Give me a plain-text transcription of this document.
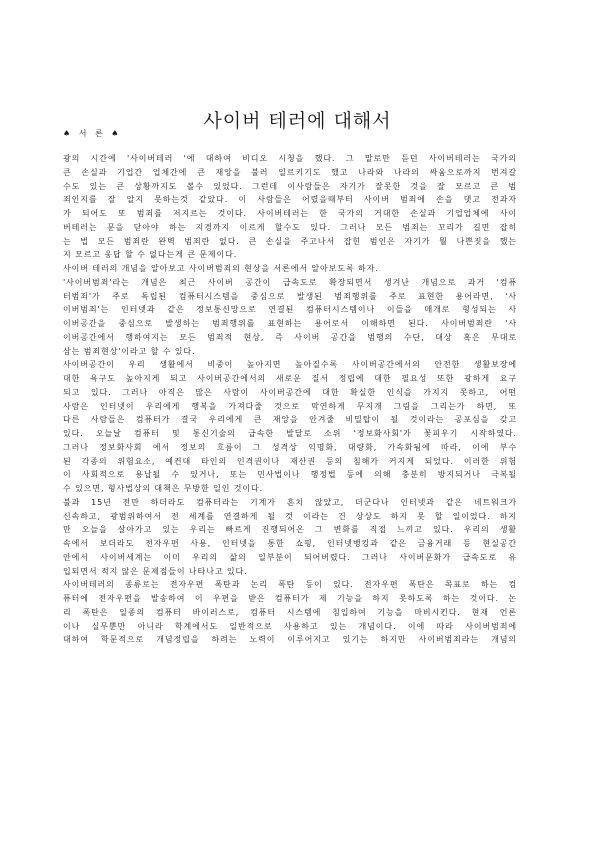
사이버 테러에 대해서
♠ 서 론 ♠
광의 시간에 '사이버테러 '에 대하여 비디오 시청을 했다. 그 말로만 듣던 사이버테러는 국가의
큰 손실과 기업간 업체간에 큰 재앙을 불러 일르키기도 했고 나라와 나라의 싸움으로까지 번져갈
수도 있는 큰 상황까지도 볼수 있었다. 그런데 이사람들은 자기가 잘못한 것을 잘 모르고 큰 범
죄인지를 잘 알지 못하는것 같았다. 이 사람들은 어렸을때부터 사이버 범죄에 손을 댓고 전과자
가 되어도 또 범죄를 저지르는 것이다. 사이버테러는 한 국가의 거대한 손실과 기업업체에 사이
버테러는 문을 닫아야 하는 지경까지 이르게 할수도 있다. 그러나 모든 범죄는 꼬리가 길면 잡히
는 법 모든 범죄란 완벽 범죄란 없다. 큰 손실을 주고나서 잡힌 범인은 자기가 뭘 나쁜짓을 했는
지 모르고 웅답 할 수 없다는게 큰 문제이다.
사이버 테러의 개념을 알아보고 사이버범죄의 현상을 서론에서 알아보도록 하자.
'사이버범죄'라는 개념은 최근 사이버 공간이 급속도로 확장되면서 생겨난 개념으로 과거 '컴퓨
터범죄'가 주로 독립된 컴퓨터시스템을 중심으로 발생된 범죄행위를 주로 표현한 용어라면, '사
이버범죄'는 인터넷과 같은 정보통신망으로 연결된 컴퓨터시스템이나 이들을 매개로 형성되는 사
이버공간을 중심으로 발생하는 범죄행위를 표현하는 용어로서 이해하면 된다. 사이버범죄란 '사
이버공간에서 행하여지는 모든 범죄적 현상, 즉 사이버 공간을 범행의 수단, 대상 혹은 무대로
삼는 범죄현상'이라고 할 수 있다.
사이버공간이 우리 생활에서 비중이 높아지면 높아질수록 사이버공간에서의 안전한 생활보장에
대한 욕구도 높아지게 되고 사이버공간에서의 새로운 질서 정립에 대한 필요성 또한 광하게 요구
되고 있다. 그러나 아직은 많은 사람이 사이버공간에 대한 확실한 인식을 가지지 못하고, 어떤
사람은 인터넷이 우리에게 행복을 가져다줄 것으로 막연하게 무지개 그림을 그리는가 하면, 또
다른 사람들은 컴퓨터가 결국 우리에게 큰 재앙을 안겨줄 비밀탑이 될 것이라는 공포심을 갖고
있다. 오늘날 컴퓨터 및 통신기술의 급속한 발달로 소위 '정보화사회'가 꽃피우기 시작하였다.
그러나 정보화사회 에서 정보의 흐름이 그 성격상 익명화, 대량화, 가속화됨에 따라, 이에 부수
된 각종의 위험요소, 예컨대 타인의 인격권이나 재산권 등의 침해가 커지게 되었다. 이러한 위험
이 사회적으로 용납될 수 있거나, 또는 민사법이나 행정법 등에 의해 충분히 방지되거나 극복될
수 있으면, 형사법상의 대책은 무방한 일인 것이다.
불과 15년 전만 하더라도 컴퓨터라는 기계가 흔치 않았고, 더군다나 인터넷과 같은 네트워크가
신속하고, 광범위하여서 전 세계를 연결하게 될 것 이라는 건 상상도 하지 못 할 일이었다. 하지
만 오늘을 살아가고 있는 우리는 빠르게 진행되어온 그 변화를 직접 느끼고 있다. 우리의 생활
속에서 보더라도 전자우편 사용, 인터넷을 통한 쇼핑, 인터넷뱅킹과 같은 금융거래 등 현실공간
안에서 사이버세계는 이미 우리의 삶의 일부분이 되어버렸다. 그러나 사이버문화가 급속도로 유
입되면서 적지 않은 문제점들이 나타나고 있다.
사이버테러의 종류로는 전자우편 폭탄과 논리 폭탄 등이 있다. 전자우편 폭탄은 목표로 하는 컴
퓨터에 전자우편을 발송하여 이 우편을 받은 컴퓨터가 제 기능을 하지 못하도록 하는 것이다. 논
리 폭탄은 일종의 컴퓨터 바이러스로, 컴퓨터 시스템에 침입하여 기능을 마비시킨다. 현재 언론
이나 실무뿐만 아니라 학계에서도 일반적으로 사용하고 있는 개념이다. 이에 따라 사이버범죄에
대하여 학문적으로 개념정립을 하려는 노력이 이루어지고 있기는 하지만 사이버범죄라는 개념의
